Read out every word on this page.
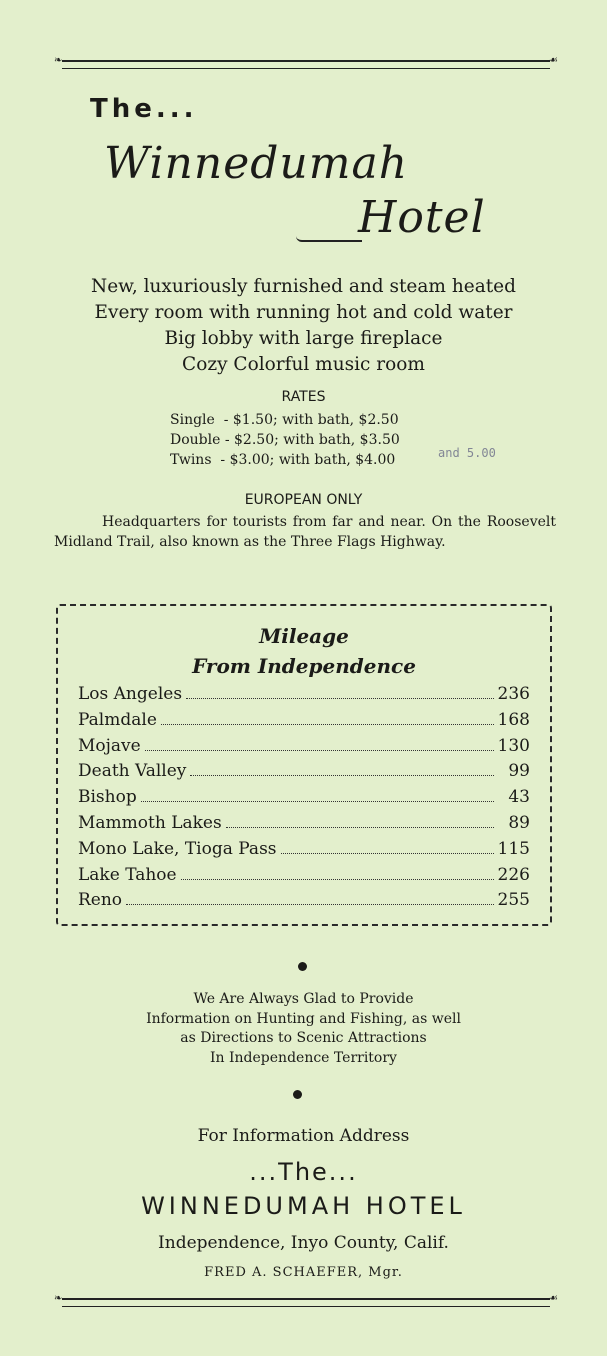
❧	☙
The...
Winnedumah
Hotel
New, luxuriously furnished and steam heated
Every room with running hot and cold water
Big lobby with large fireplace
Cozy Colorful music room
RATES
Single  - $1.50; with bath, $2.50
Double - $2.50; with bath, $3.50
Twins  - $3.00; with bath, $4.00	and 5.00
EUROPEAN ONLY
Headquarters for tourists from far and near. On the Roosevelt Midland Trail, also known as the Three Flags Highway.
Mileage
From Independence
Los Angeles	236
Palmdale	168
Mojave	130
Death Valley	99
Bishop	43
Mammoth Lakes	89
Mono Lake, Tioga Pass	115
Lake Tahoe	226
Reno	255
We Are Always Glad to Provide
Information on Hunting and Fishing, as well
as Directions to Scenic Attractions
In Independence Territory
For Information Address
...The...
WINNEDUMAH HOTEL
Independence, Inyo County, Calif.
FRED A. SCHAEFER, Mgr.
❧	☙
